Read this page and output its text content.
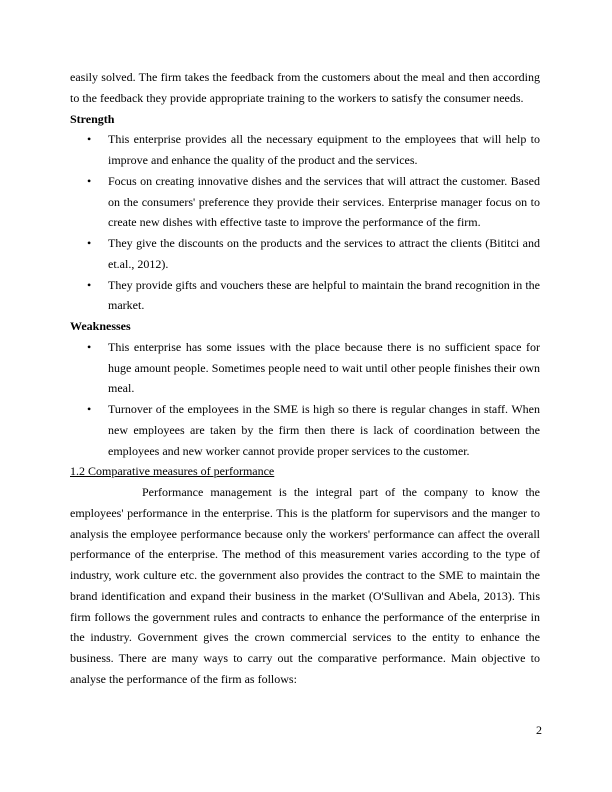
easily solved. The firm takes the feedback from the customers about the meal and then according to the feedback they provide appropriate training to the workers to satisfy the consumer needs.

Strength
• This enterprise provides all the necessary equipment to the employees that will help to improve and enhance the quality of the product and the services.
• Focus on creating innovative dishes and the services that will attract the customer. Based on the consumers' preference they provide their services. Enterprise manager focus on to create new dishes with effective taste to improve the performance of the firm.
• They give the discounts on the products and the services to attract the clients (Bititci and et.al., 2012).
• They provide gifts and vouchers these are helpful to maintain the brand recognition in the market.
Weaknesses
• This enterprise has some issues with the place because there is no sufficient space for huge amount people. Sometimes people need to wait until other people finishes their own meal.
• Turnover of the employees in the SME is high so there is regular changes in staff. When new employees are taken by the firm then there is lack of coordination between the employees and new worker cannot provide proper services to the customer.
1.2 Comparative measures of performance

Performance management is the integral part of the company to know the employees' performance in the enterprise. This is the platform for supervisors and the manger to analysis the employee performance because only the workers' performance can affect the overall performance of the enterprise. The method of this measurement varies according to the type of industry, work culture etc. the government also provides the contract to the SME to maintain the brand identification and expand their business in the market (O'Sullivan and Abela, 2013). This firm follows the government rules and contracts to enhance the performance of the enterprise in the industry. Government gives the crown commercial services to the entity to enhance the business. There are many ways to carry out the comparative performance. Main objective to analyse the performance of the firm as follows:

2
